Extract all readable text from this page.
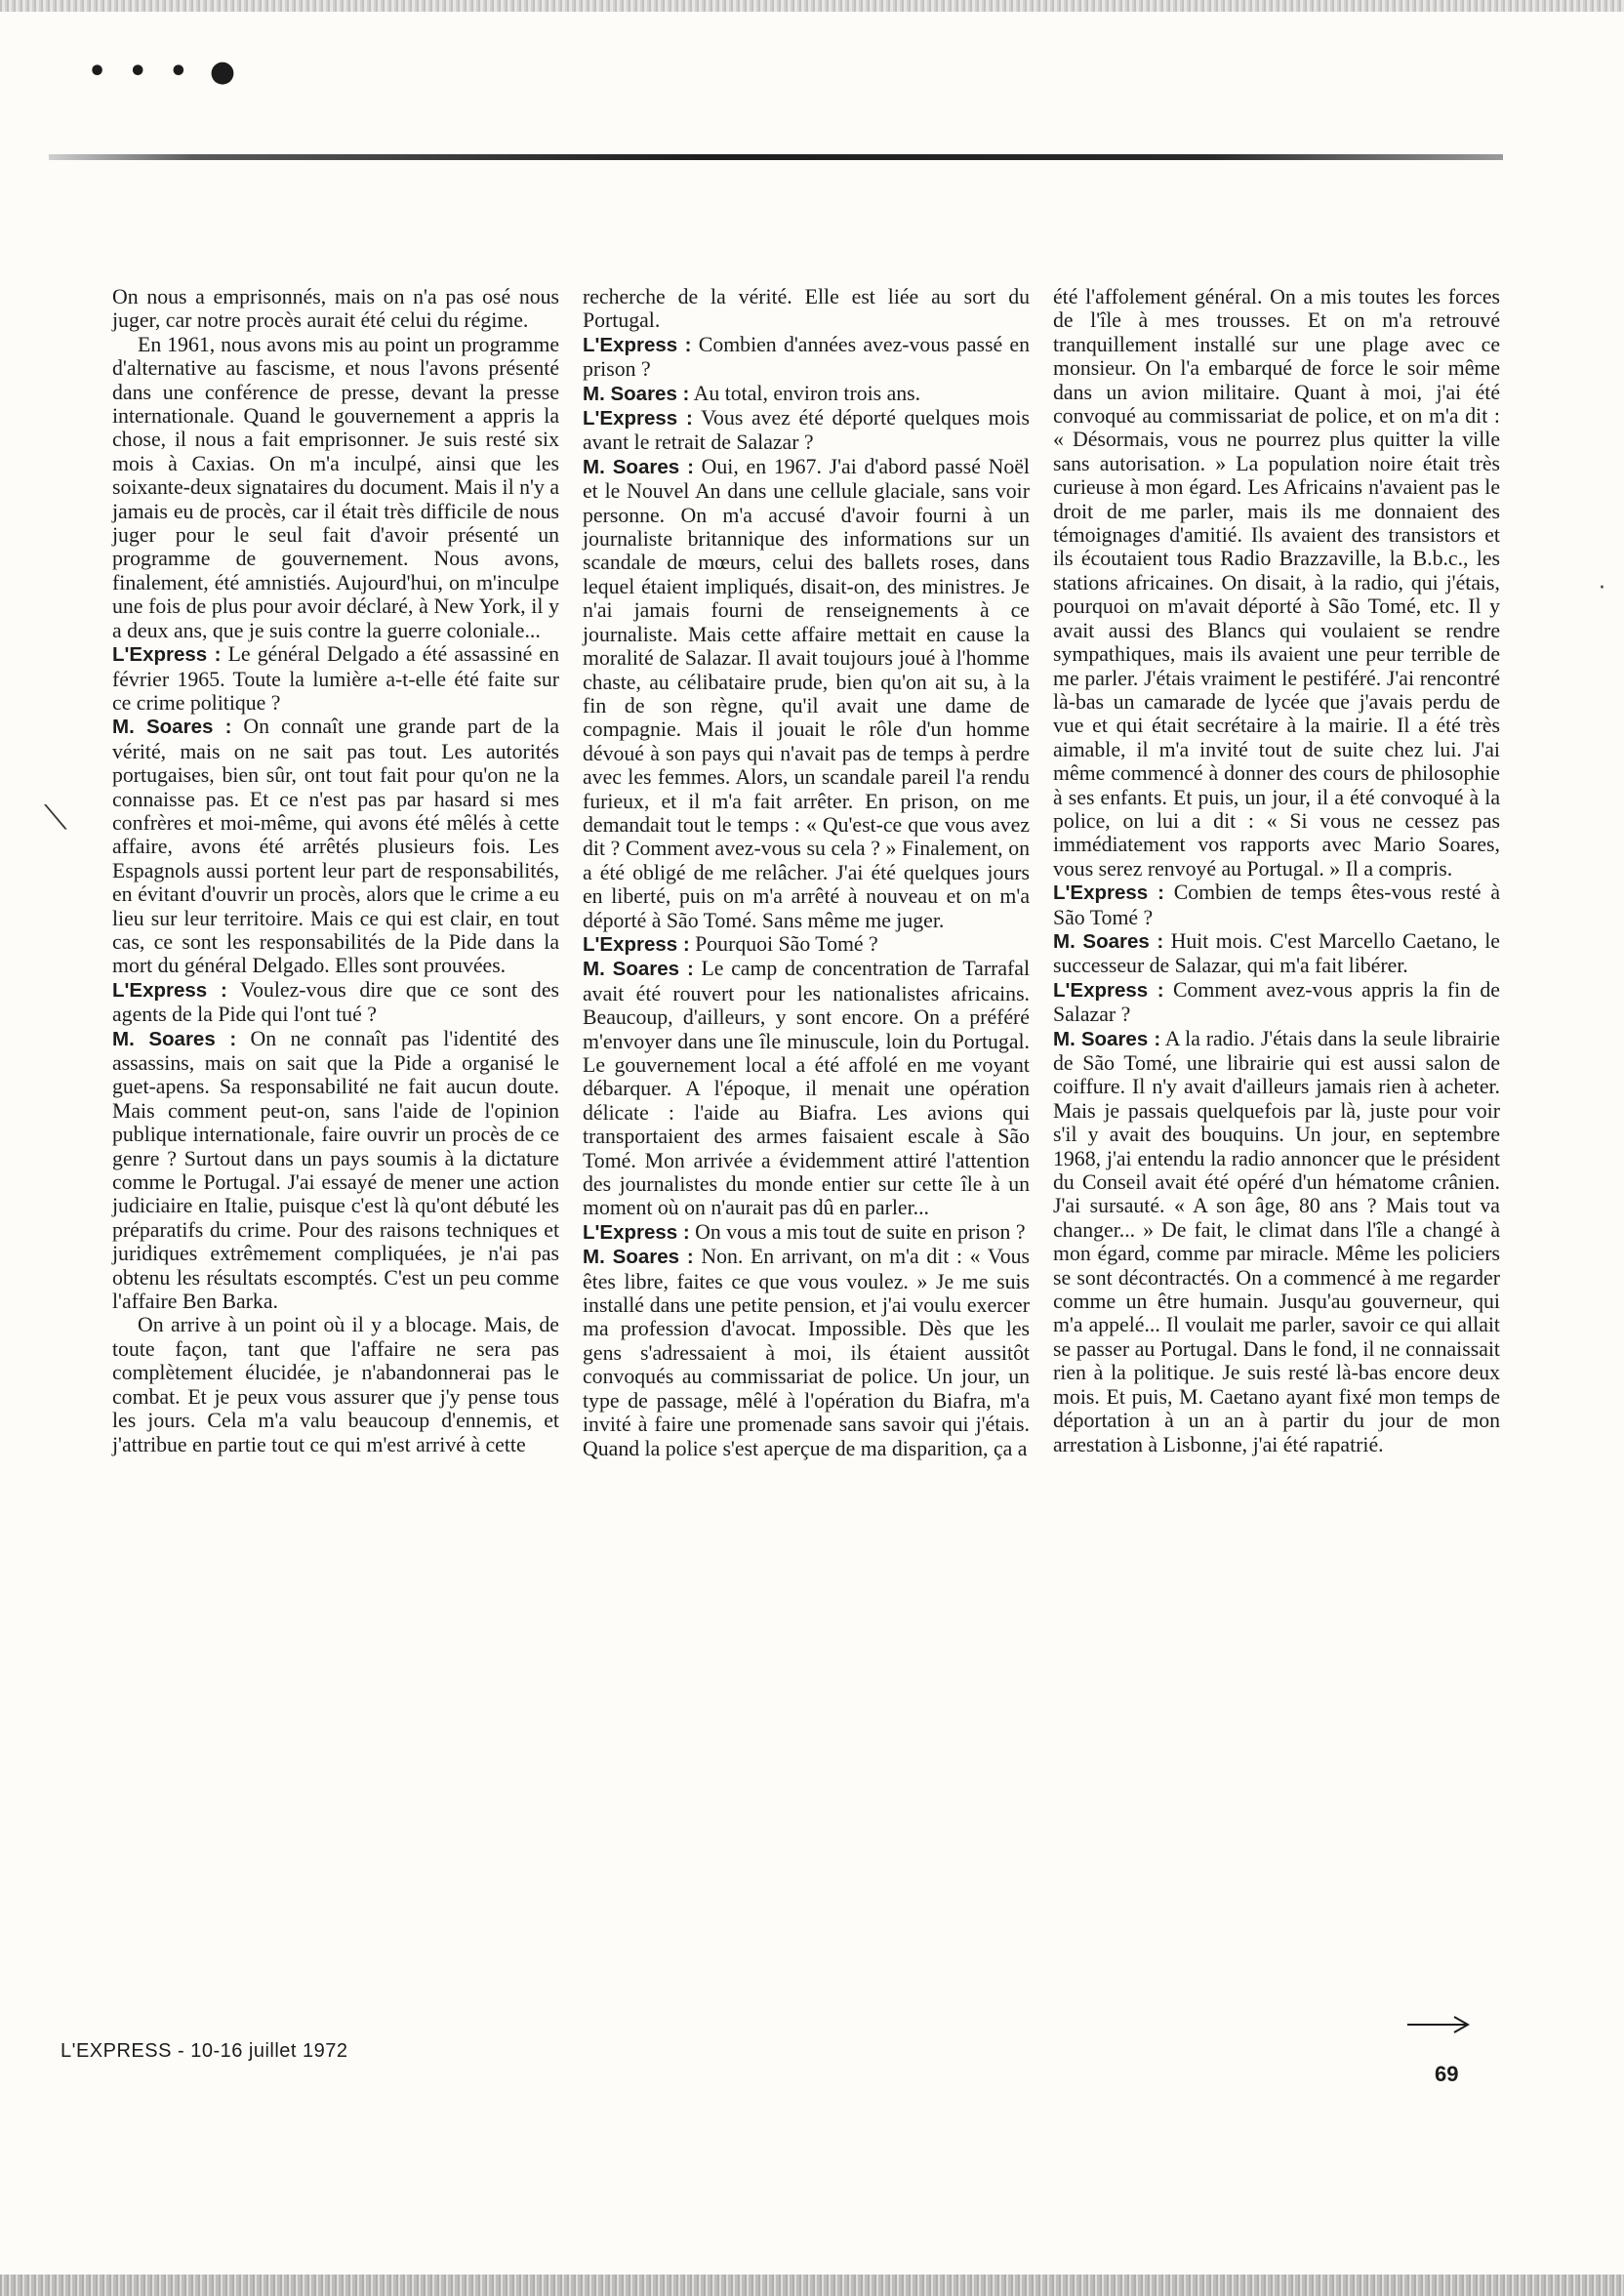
• • • ●
⟍
·

On nous a emprisonnés, mais on n'a pas osé nous juger, car notre procès aurait été celui du régime.

En 1961, nous avons mis au point un programme d'alternative au fascisme, et nous l'avons présenté dans une conférence de presse, devant la presse internationale. Quand le gouvernement a appris la chose, il nous a fait emprisonner. Je suis resté six mois à Caxias. On m'a inculpé, ainsi que les soixante-deux signataires du document. Mais il n'y a jamais eu de procès, car il était très difficile de nous juger pour le seul fait d'avoir présenté un programme de gouvernement. Nous avons, finalement, été amnistiés. Aujourd'hui, on m'inculpe une fois de plus pour avoir déclaré, à New York, il y a deux ans, que je suis contre la guerre coloniale...

L'Express : Le général Delgado a été assassiné en février 1965. Toute la lumière a-t-elle été faite sur ce crime politique ?

M. Soares : On connaît une grande part de la vérité, mais on ne sait pas tout. Les autorités portugaises, bien sûr, ont tout fait pour qu'on ne la connaisse pas. Et ce n'est pas par hasard si mes confrères et moi-même, qui avons été mêlés à cette affaire, avons été arrêtés plusieurs fois. Les Espagnols aussi portent leur part de responsabilités, en évitant d'ouvrir un procès, alors que le crime a eu lieu sur leur territoire. Mais ce qui est clair, en tout cas, ce sont les responsabilités de la Pide dans la mort du général Delgado. Elles sont prouvées.

L'Express : Voulez-vous dire que ce sont des agents de la Pide qui l'ont tué ?

M. Soares : On ne connaît pas l'identité des assassins, mais on sait que la Pide a organisé le guet-apens. Sa responsabilité ne fait aucun doute. Mais comment peut-on, sans l'aide de l'opinion publique internationale, faire ouvrir un procès de ce genre ? Surtout dans un pays soumis à la dictature comme le Portugal. J'ai essayé de mener une action judiciaire en Italie, puisque c'est là qu'ont débuté les préparatifs du crime. Pour des raisons techniques et juridiques extrêmement compliquées, je n'ai pas obtenu les résultats escomptés. C'est un peu comme l'affaire Ben Barka.

On arrive à un point où il y a blocage. Mais, de toute façon, tant que l'affaire ne sera pas complètement élucidée, je n'abandonnerai pas le combat. Et je peux vous assurer que j'y pense tous les jours. Cela m'a valu beaucoup d'ennemis, et j'attribue en partie tout ce qui m'est arrivé à cette

recherche de la vérité. Elle est liée au sort du Portugal.

L'Express : Combien d'années avez-vous passé en prison ?

M. Soares : Au total, environ trois ans.

L'Express : Vous avez été déporté quelques mois avant le retrait de Salazar ?

M. Soares : Oui, en 1967. J'ai d'abord passé Noël et le Nouvel An dans une cellule glaciale, sans voir personne. On m'a accusé d'avoir fourni à un journaliste britannique des informations sur un scandale de mœurs, celui des ballets roses, dans lequel étaient impliqués, disait-on, des ministres. Je n'ai jamais fourni de renseignements à ce journaliste. Mais cette affaire mettait en cause la moralité de Salazar. Il avait toujours joué à l'homme chaste, au célibataire prude, bien qu'on ait su, à la fin de son règne, qu'il avait une dame de compagnie. Mais il jouait le rôle d'un homme dévoué à son pays qui n'avait pas de temps à perdre avec les femmes. Alors, un scandale pareil l'a rendu furieux, et il m'a fait arrêter. En prison, on me demandait tout le temps : « Qu'est-ce que vous avez dit ? Comment avez-vous su cela ? » Finalement, on a été obligé de me relâcher. J'ai été quelques jours en liberté, puis on m'a arrêté à nouveau et on m'a déporté à São Tomé. Sans même me juger.

L'Express : Pourquoi São Tomé ?

M. Soares : Le camp de concentration de Tarrafal avait été rouvert pour les nationalistes africains. Beaucoup, d'ailleurs, y sont encore. On a préféré m'envoyer dans une île minuscule, loin du Portugal. Le gouvernement local a été affolé en me voyant débarquer. A l'époque, il menait une opération délicate : l'aide au Biafra. Les avions qui transportaient des armes faisaient escale à São Tomé. Mon arrivée a évidemment attiré l'attention des journalistes du monde entier sur cette île à un moment où on n'aurait pas dû en parler...

L'Express : On vous a mis tout de suite en prison ?

M. Soares : Non. En arrivant, on m'a dit : « Vous êtes libre, faites ce que vous voulez. » Je me suis installé dans une petite pension, et j'ai voulu exercer ma profession d'avocat. Impossible. Dès que les gens s'adressaient à moi, ils étaient aussitôt convoqués au commissariat de police. Un jour, un type de passage, mêlé à l'opération du Biafra, m'a invité à faire une promenade sans savoir qui j'étais. Quand la police s'est aperçue de ma disparition, ça a

été l'affolement général. On a mis toutes les forces de l'île à mes trousses. Et on m'a retrouvé tranquillement installé sur une plage avec ce monsieur. On l'a embarqué de force le soir même dans un avion militaire. Quant à moi, j'ai été convoqué au commissariat de police, et on m'a dit : « Désormais, vous ne pourrez plus quitter la ville sans autorisation. » La population noire était très curieuse à mon égard. Les Africains n'avaient pas le droit de me parler, mais ils me donnaient des témoignages d'amitié. Ils avaient des transistors et ils écoutaient tous Radio Brazzaville, la B.b.c., les stations africaines. On disait, à la radio, qui j'étais, pourquoi on m'avait déporté à São Tomé, etc. Il y avait aussi des Blancs qui voulaient se rendre sympathiques, mais ils avaient une peur terrible de me parler. J'étais vraiment le pestiféré. J'ai rencontré là-bas un camarade de lycée que j'avais perdu de vue et qui était secrétaire à la mairie. Il a été très aimable, il m'a invité tout de suite chez lui. J'ai même commencé à donner des cours de philosophie à ses enfants. Et puis, un jour, il a été convoqué à la police, on lui a dit : « Si vous ne cessez pas immédiatement vos rapports avec Mario Soares, vous serez renvoyé au Portugal. » Il a compris.

L'Express : Combien de temps êtes-vous resté à São Tomé ?

M. Soares : Huit mois. C'est Marcello Caetano, le successeur de Salazar, qui m'a fait libérer.

L'Express : Comment avez-vous appris la fin de Salazar ?

M. Soares : A la radio. J'étais dans la seule librairie de São Tomé, une librairie qui est aussi salon de coiffure. Il n'y avait d'ailleurs jamais rien à acheter. Mais je passais quelquefois par là, juste pour voir s'il y avait des bouquins. Un jour, en septembre 1968, j'ai entendu la radio annoncer que le président du Conseil avait été opéré d'un hématome crânien. J'ai sursauté. « A son âge, 80 ans ? Mais tout va changer... » De fait, le climat dans l'île a changé à mon égard, comme par miracle. Même les policiers se sont décontractés. On a commencé à me regarder comme un être humain. Jusqu'au gouverneur, qui m'a appelé... Il voulait me parler, savoir ce qui allait se passer au Portugal. Dans le fond, il ne connaissait rien à la politique. Je suis resté là-bas encore deux mois. Et puis, M. Caetano ayant fixé mon temps de déportation à un an à partir du jour de mon arrestation à Lisbonne, j'ai été rapatrié.

L'EXPRESS - 10-16 juillet 1972
69
